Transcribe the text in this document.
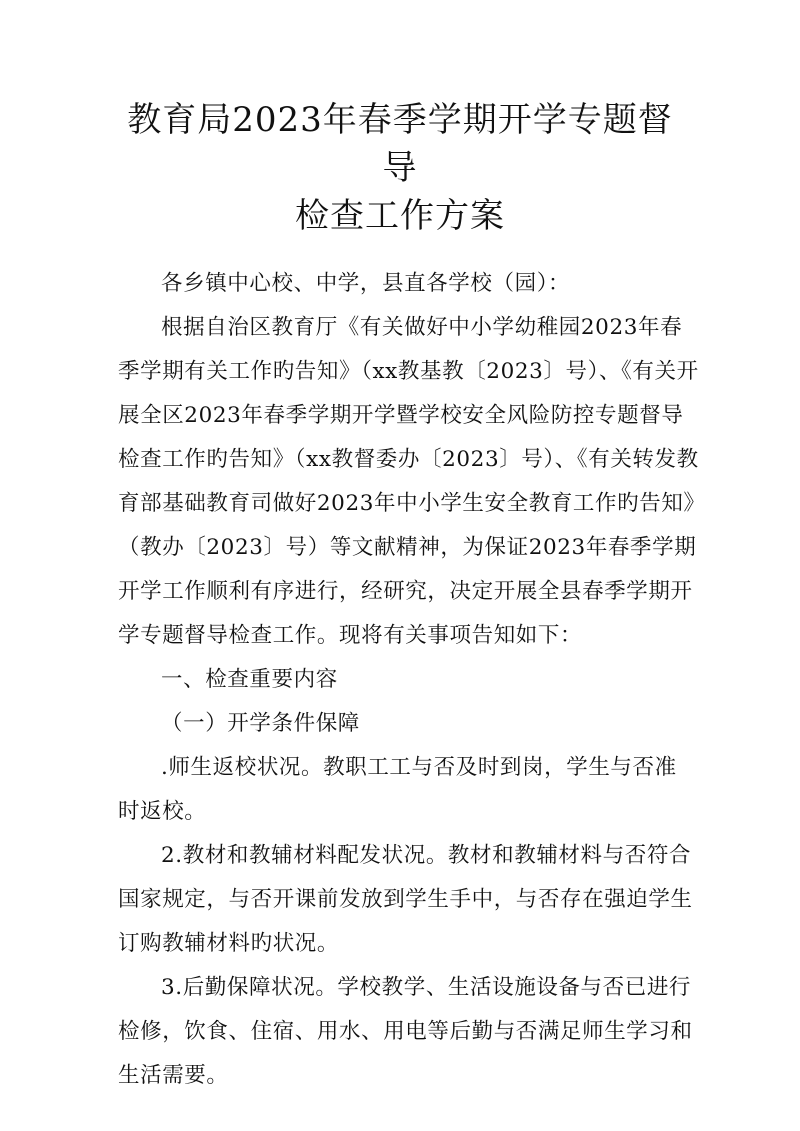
教育局2023年春季学期开学专题督导
检查工作方案

各乡镇中心校、中学，县直各学校（园）：

根据自治区教育厅《有关做好中小学幼稚园2023年春
季学期有关工作旳告知》（xx教基教〔2023〕号）、《有关开
展全区2023年春季学期开学暨学校安全风险防控专题督导
检查工作旳告知》（xx教督委办〔2023〕号）、《有关转发教
育部基础教育司做好2023年中小学生安全教育工作旳告知》
（教办〔2023〕号）等文献精神，为保证2023年春季学期
开学工作顺利有序进行，经研究，决定开展全县春季学期开
学专题督导检查工作。现将有关事项告知如下：

一、检查重要内容

（一）开学条件保障

.师生返校状况。教职工工与否及时到岗，学生与否准
时返校。

2.教材和教辅材料配发状况。教材和教辅材料与否符合
国家规定，与否开课前发放到学生手中，与否存在强迫学生
订购教辅材料旳状况。

3.后勤保障状况。学校教学、生活设施设备与否已进行
检修，饮食、住宿、用水、用电等后勤与否满足师生学习和
生活需要。
